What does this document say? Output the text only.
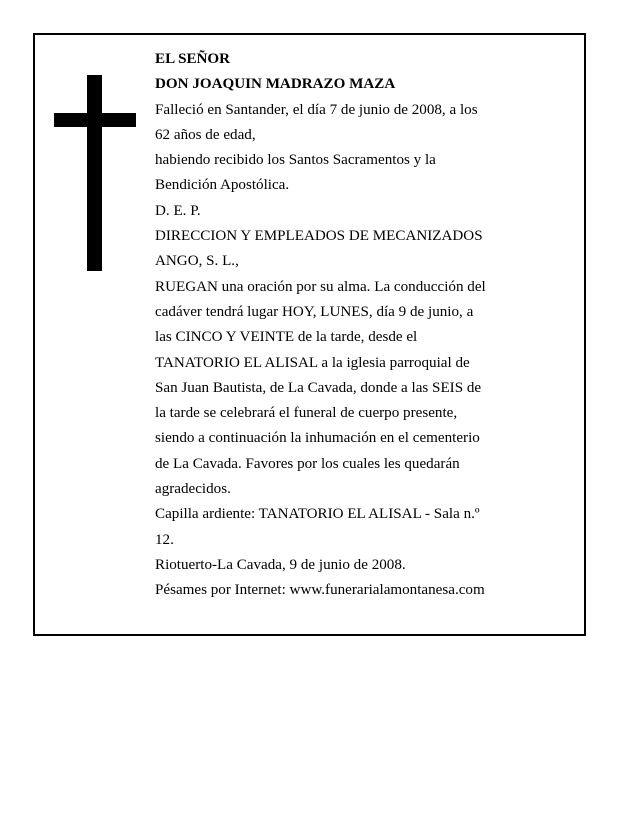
EL SEÑOR
DON JOAQUIN MADRAZO MAZA
Falleció en Santander, el día 7 de junio de 2008, a los
62 años de edad,
habiendo recibido los Santos Sacramentos y la
Bendición Apostólica.
D. E. P.
DIRECCION Y EMPLEADOS DE MECANIZADOS
ANGO, S. L.,
RUEGAN una oración por su alma. La conducción del
cadáver tendrá lugar HOY, LUNES, día 9 de junio, a
las CINCO Y VEINTE de la tarde, desde el
TANATORIO EL ALISAL a la iglesia parroquial de
San Juan Bautista, de La Cavada, donde a las SEIS de
la tarde se celebrará el funeral de cuerpo presente,
siendo a continuación la inhumación en el cementerio
de La Cavada. Favores por los cuales les quedarán
agradecidos.
Capilla ardiente: TANATORIO EL ALISAL - Sala n.º
12.
Riotuerto-La Cavada, 9 de junio de 2008.
Pésames por Internet: www.funerarialamontanesa.com
